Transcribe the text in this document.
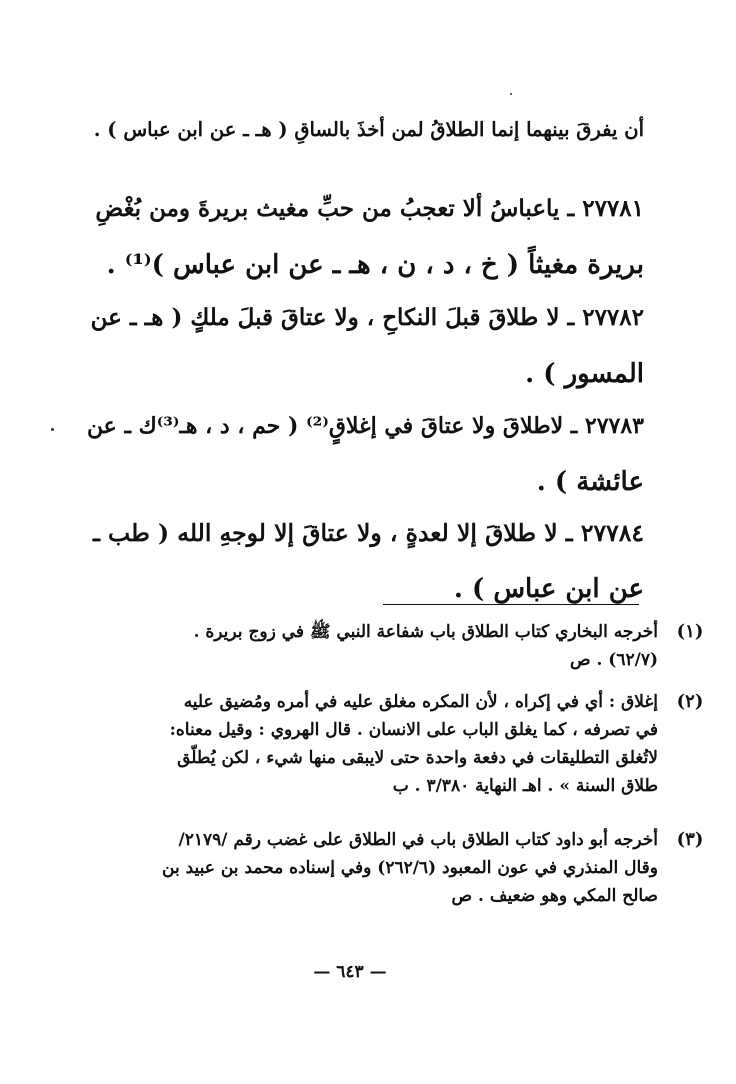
أن يفرقَ بينهما إنما الطلاقُ لمن أخذَ بالساقِ ( هـ ـ عن ابن عباس ) .
٢٧٧٨١ ـ ياعباسُ ألا تعجبُ من حبِّ مغيث بريرةَ ومن بُغْضِ
بريرة مغيثاً ( خ ، د ، ن ، هـ ـ عن ابن عباس )⁽¹⁾ .
٢٧٧٨٢ ـ لا طلاقَ قبلَ النكاحِ ، ولا عتاقَ قبلَ ملكٍ ( هـ ـ عن
المسور ) .
٢٧٧٨٣ ـ لاطلاقَ ولا عتاقَ في إغلاقٍ⁽²⁾ ( حم ، د ، هـ⁽³⁾ك ـ عن
عائشة ) .
٢٧٧٨٤ ـ لا طلاقَ إلا لعدةٍ ، ولا عتاقَ إلا لوجهِ الله ( طب ـ
عن ابن عباس ) .
(١)
أخرجه البخاري كتاب الطلاق باب شفاعة النبي ﷺ في زوج بريرة .
(٦٢/٧) . ص
(٢)
إغلاق : أي في إكراه ، لأن المكره مغلق عليه في أمره ومُضيق عليه
في تصرفه ، كما يغلق الباب على الانسان . قال الهروي : وقيل معناه:
لاتُغلق التطليقات في دفعة واحدة حتى لايبقى منها شيء ، لكن يُطلّق
طلاق السنة » . اهـ النهاية ٣/٣٨٠ . ب
(٣)
أخرجه أبو داود كتاب الطلاق باب في الطلاق على غضب رقم /٢١٧٩/
وقال المنذري في عون المعبود (٢٦٢/٦) وفي إسناده محمد بن عبيد بن
صالح المكي وهو ضعيف . ص
— ٦٤٣ —
